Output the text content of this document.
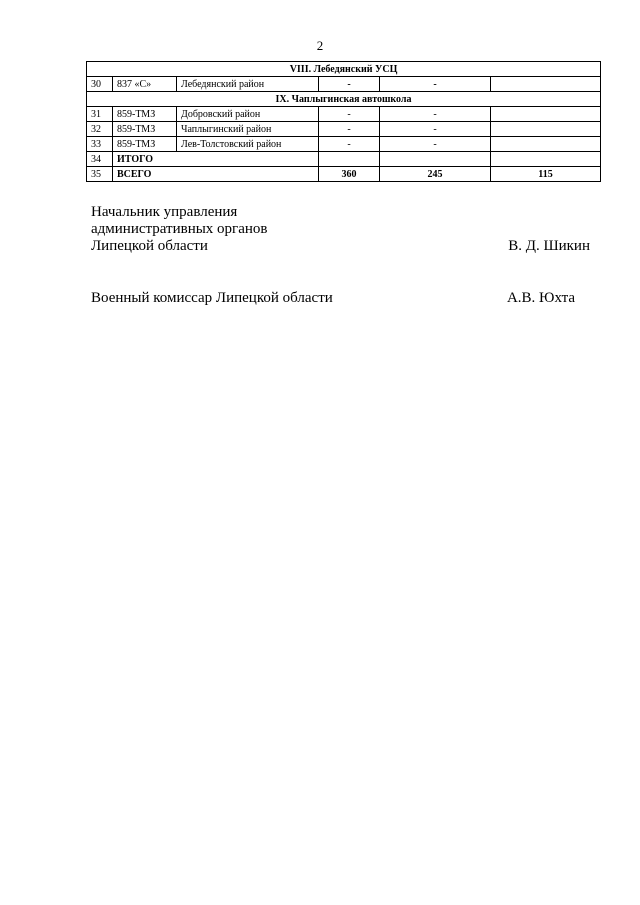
2
VIII. Лебедянский УСЦ					
30	837 «С»	Лебедянский район	-	-	
IX. Чаплыгинская автошкола					
31	859-ТМЗ	Добровский район	-	-	
32	859-ТМЗ	Чаплыгинский район	-	-	
33	859-ТМЗ	Лев-Толстовский район	-	-	
34	ИТОГО				
35	ВСЕГО		360	245	115
Начальник управления
административных органов
Липецкой области	В. Д. Шикин
Военный комиссар Липецкой области	А.В. Юхта
